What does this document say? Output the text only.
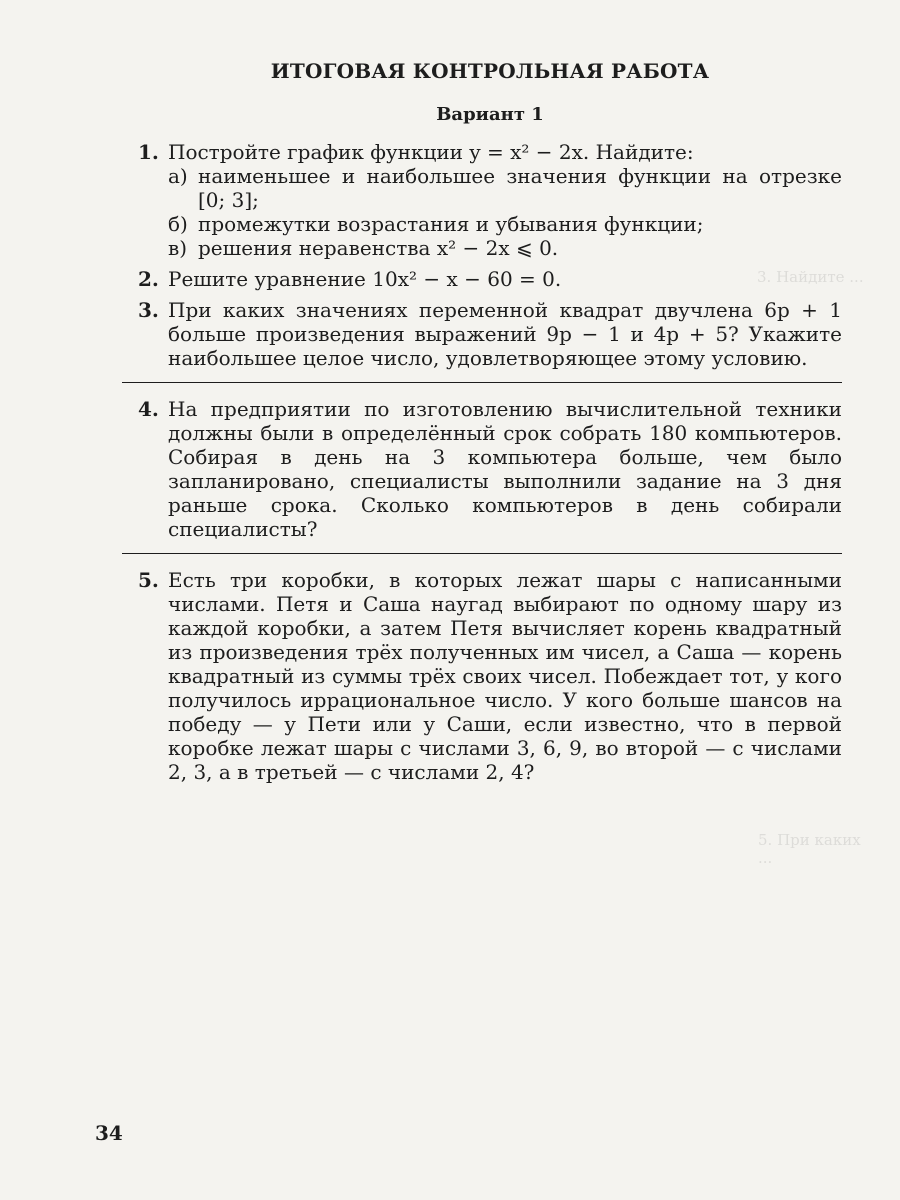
3. Найдите ...
5. При каких ...
ИТОГОВАЯ КОНТРОЛЬНАЯ РАБОТА
Вариант 1
1. Постройте график функции y = x² − 2x. Найдите:
а) наименьшее и наибольшее значения функции на отрезке [0; 3];
б) промежутки возрастания и убывания функции;
в) решения неравенства x² − 2x ⩽ 0.
2. Решите уравнение 10x² − x − 60 = 0.
3. При каких значениях переменной квадрат двучлена 6p + 1 больше произведения выражений 9p − 1 и 4p + 5? Укажите наибольшее целое число, удовлетворяющее этому условию.
4. На предприятии по изготовлению вычислительной техники должны были в определённый срок собрать 180 компьютеров. Собирая в день на 3 компьютера больше, чем было запланировано, специалисты выполнили задание на 3 дня раньше срока. Сколько компьютеров в день собирали специалисты?
5. Есть три коробки, в которых лежат шары с написанными числами. Петя и Саша наугад выбирают по одному шару из каждой коробки, а затем Петя вычисляет корень квадратный из произведения трёх полученных им чисел, а Саша — корень квадратный из суммы трёх своих чисел. Побеждает тот, у кого получилось иррациональное число. У кого больше шансов на победу — у Пети или у Саши, если известно, что в первой коробке лежат шары с числами 3, 6, 9, во второй — с числами 2, 3, а в третьей — с числами 2, 4?
34
